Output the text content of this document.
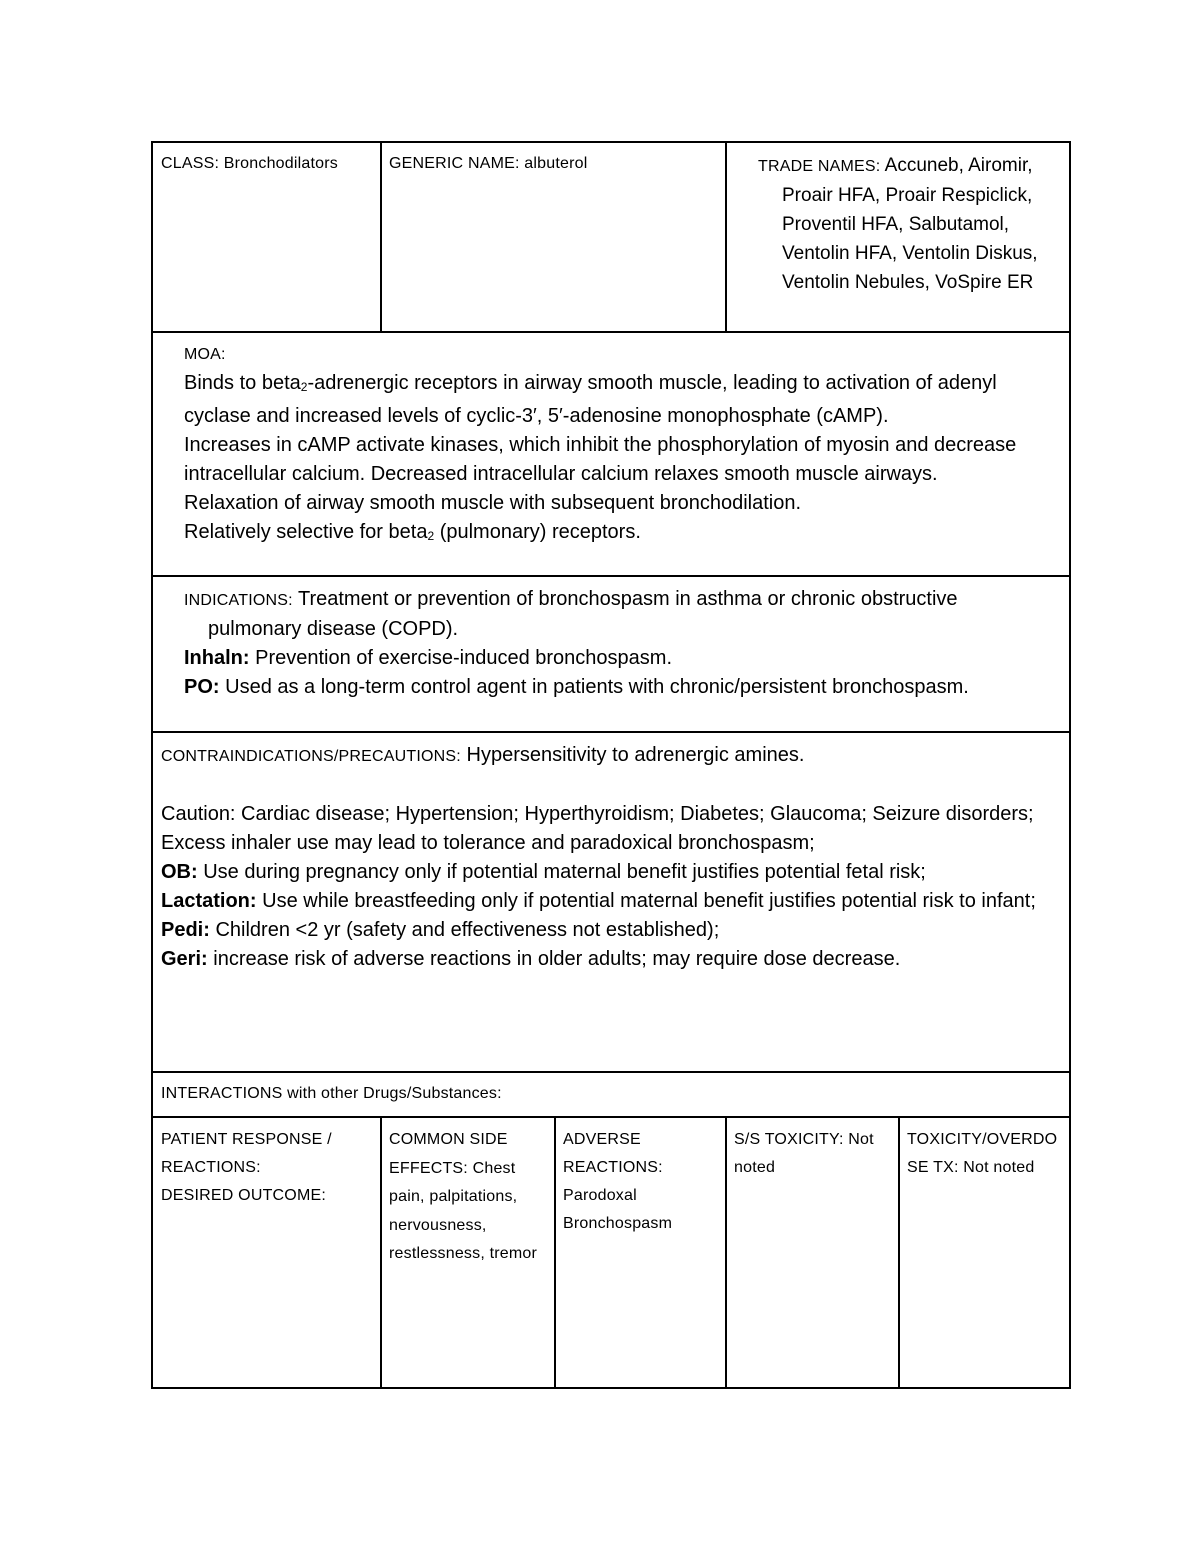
CLASS: Bronchodilators	GENERIC NAME: albuterol	TRADE NAMES: Accuneb, Airomir, Proair HFA, Proair Respiclick, Proventil HFA, Salbutamol, Ventolin HFA, Ventolin Diskus, Ventolin Nebules, VoSpire ER
MOA:
Binds to beta$_2$-adrenergic receptors in airway smooth muscle, leading to activation of adenyl cyclase and increased levels of cyclic-3′, 5′-adenosine monophosphate (cAMP).
Increases in cAMP activate kinases, which inhibit the phosphorylation of myosin and decrease intracellular calcium. Decreased intracellular calcium relaxes smooth muscle airways.
Relaxation of airway smooth muscle with subsequent bronchodilation.
Relatively selective for beta$_2$ (pulmonary) receptors.
INDICATIONS: Treatment or prevention of bronchospasm in asthma or chronic obstructive pulmonary disease (COPD).
Inhaln: Prevention of exercise-induced bronchospasm.
PO: Used as a long-term control agent in patients with chronic/persistent bronchospasm.
CONTRAINDICATIONS/PRECAUTIONS: Hypersensitivity to adrenergic amines.
Caution: Cardiac disease; Hypertension; Hyperthyroidism; Diabetes; Glaucoma; Seizure disorders;
Excess inhaler use may lead to tolerance and paradoxical bronchospasm;
OB: Use during pregnancy only if potential maternal benefit justifies potential fetal risk;
Lactation: Use while breastfeeding only if potential maternal benefit justifies potential risk to infant;
Pedi: Children <2 yr (safety and effectiveness not established);
Geri: increase risk of adverse reactions in older adults; may require dose decrease.
INTERACTIONS with other Drugs/Substances:
PATIENT RESPONSE /
REACTIONS:
DESIRED OUTCOME:
COMMON SIDE EFFECTS: Chest pain, palpitations, nervousness, restlessness, tremor
ADVERSE REACTIONS: Parodoxal Bronchospasm
S/S TOXICITY: Not noted
TOXICITY/OVERDOSE TX: Not noted
